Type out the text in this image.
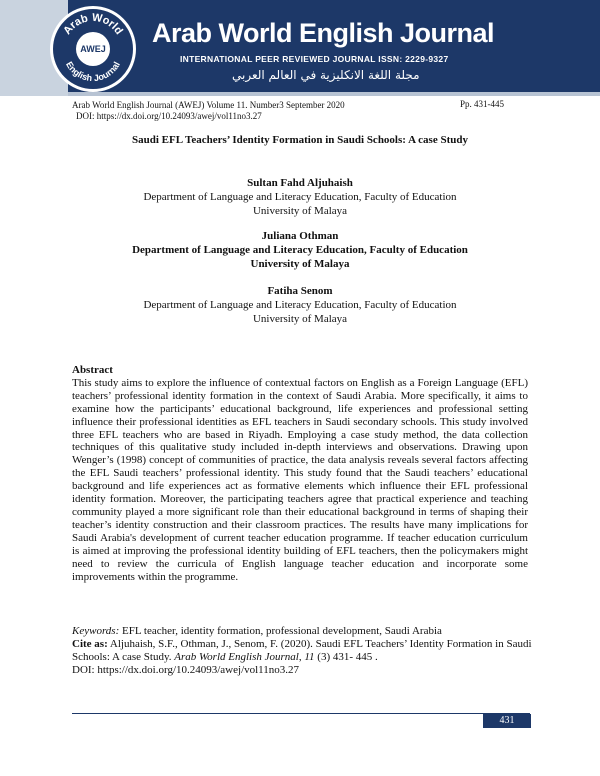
Arab World
English Journal
AWEJ
Arab World English Journal
INTERNATIONAL PEER REVIEWED JOURNAL ISSN: 2229-9327
مجلة اللغة الانكليزية في العالم العربي
Arab World English Journal (AWEJ) Volume 11. Number3 September 2020	Pp. 431-445
DOI: https://dx.doi.org/10.24093/awej/vol11no3.27
Saudi EFL Teachers’ Identity Formation in Saudi Schools: A case Study
Sultan Fahd Aljuhaish
Department of Language and Literacy Education, Faculty of Education
University of Malaya
Juliana Othman
Department of Language and Literacy Education, Faculty of Education
University of Malaya
Fatiha Senom
Department of Language and Literacy Education, Faculty of Education
University of Malaya
Abstract
This study aims to explore the influence of contextual factors on English as a Foreign Language (EFL) teachers’ professional identity formation in the context of Saudi Arabia. More specifically, it aims to examine how the participants’ educational background, life experiences and professional setting influence their professional identities as EFL teachers in Saudi secondary schools. This study involved three EFL teachers who are based in Riyadh. Employing a case study method, the data collection techniques of this qualitative study included in-depth interviews and observations. Drawing upon Wenger’s (1998) concept of communities of practice, the data analysis reveals several factors affecting the EFL Saudi teachers’ professional identity. This study found that the Saudi teachers’ educational background and life experiences act as formative elements which influence their EFL professional identity formation. Moreover, the participating teachers agree that practical experience and teaching community played a more significant role than their educational background in terms of shaping their teacher’s identity construction and their classroom practices. The results have many implications for Saudi Arabia's development of current teacher education programme. If teacher education curriculum is aimed at improving the professional identity building of EFL teachers, then the policymakers might need to review the curricula of English language teacher education and incorporate some improvements within the programme.
Keywords: EFL teacher, identity formation, professional development, Saudi Arabia
Cite as: Aljuhaish, S.F., Othman, J., Senom, F. (2020). Saudi EFL Teachers’ Identity Formation in Saudi Schools: A case Study. Arab World English Journal, 11 (3) 431- 445 .
DOI: https://dx.doi.org/10.24093/awej/vol11no3.27
431
